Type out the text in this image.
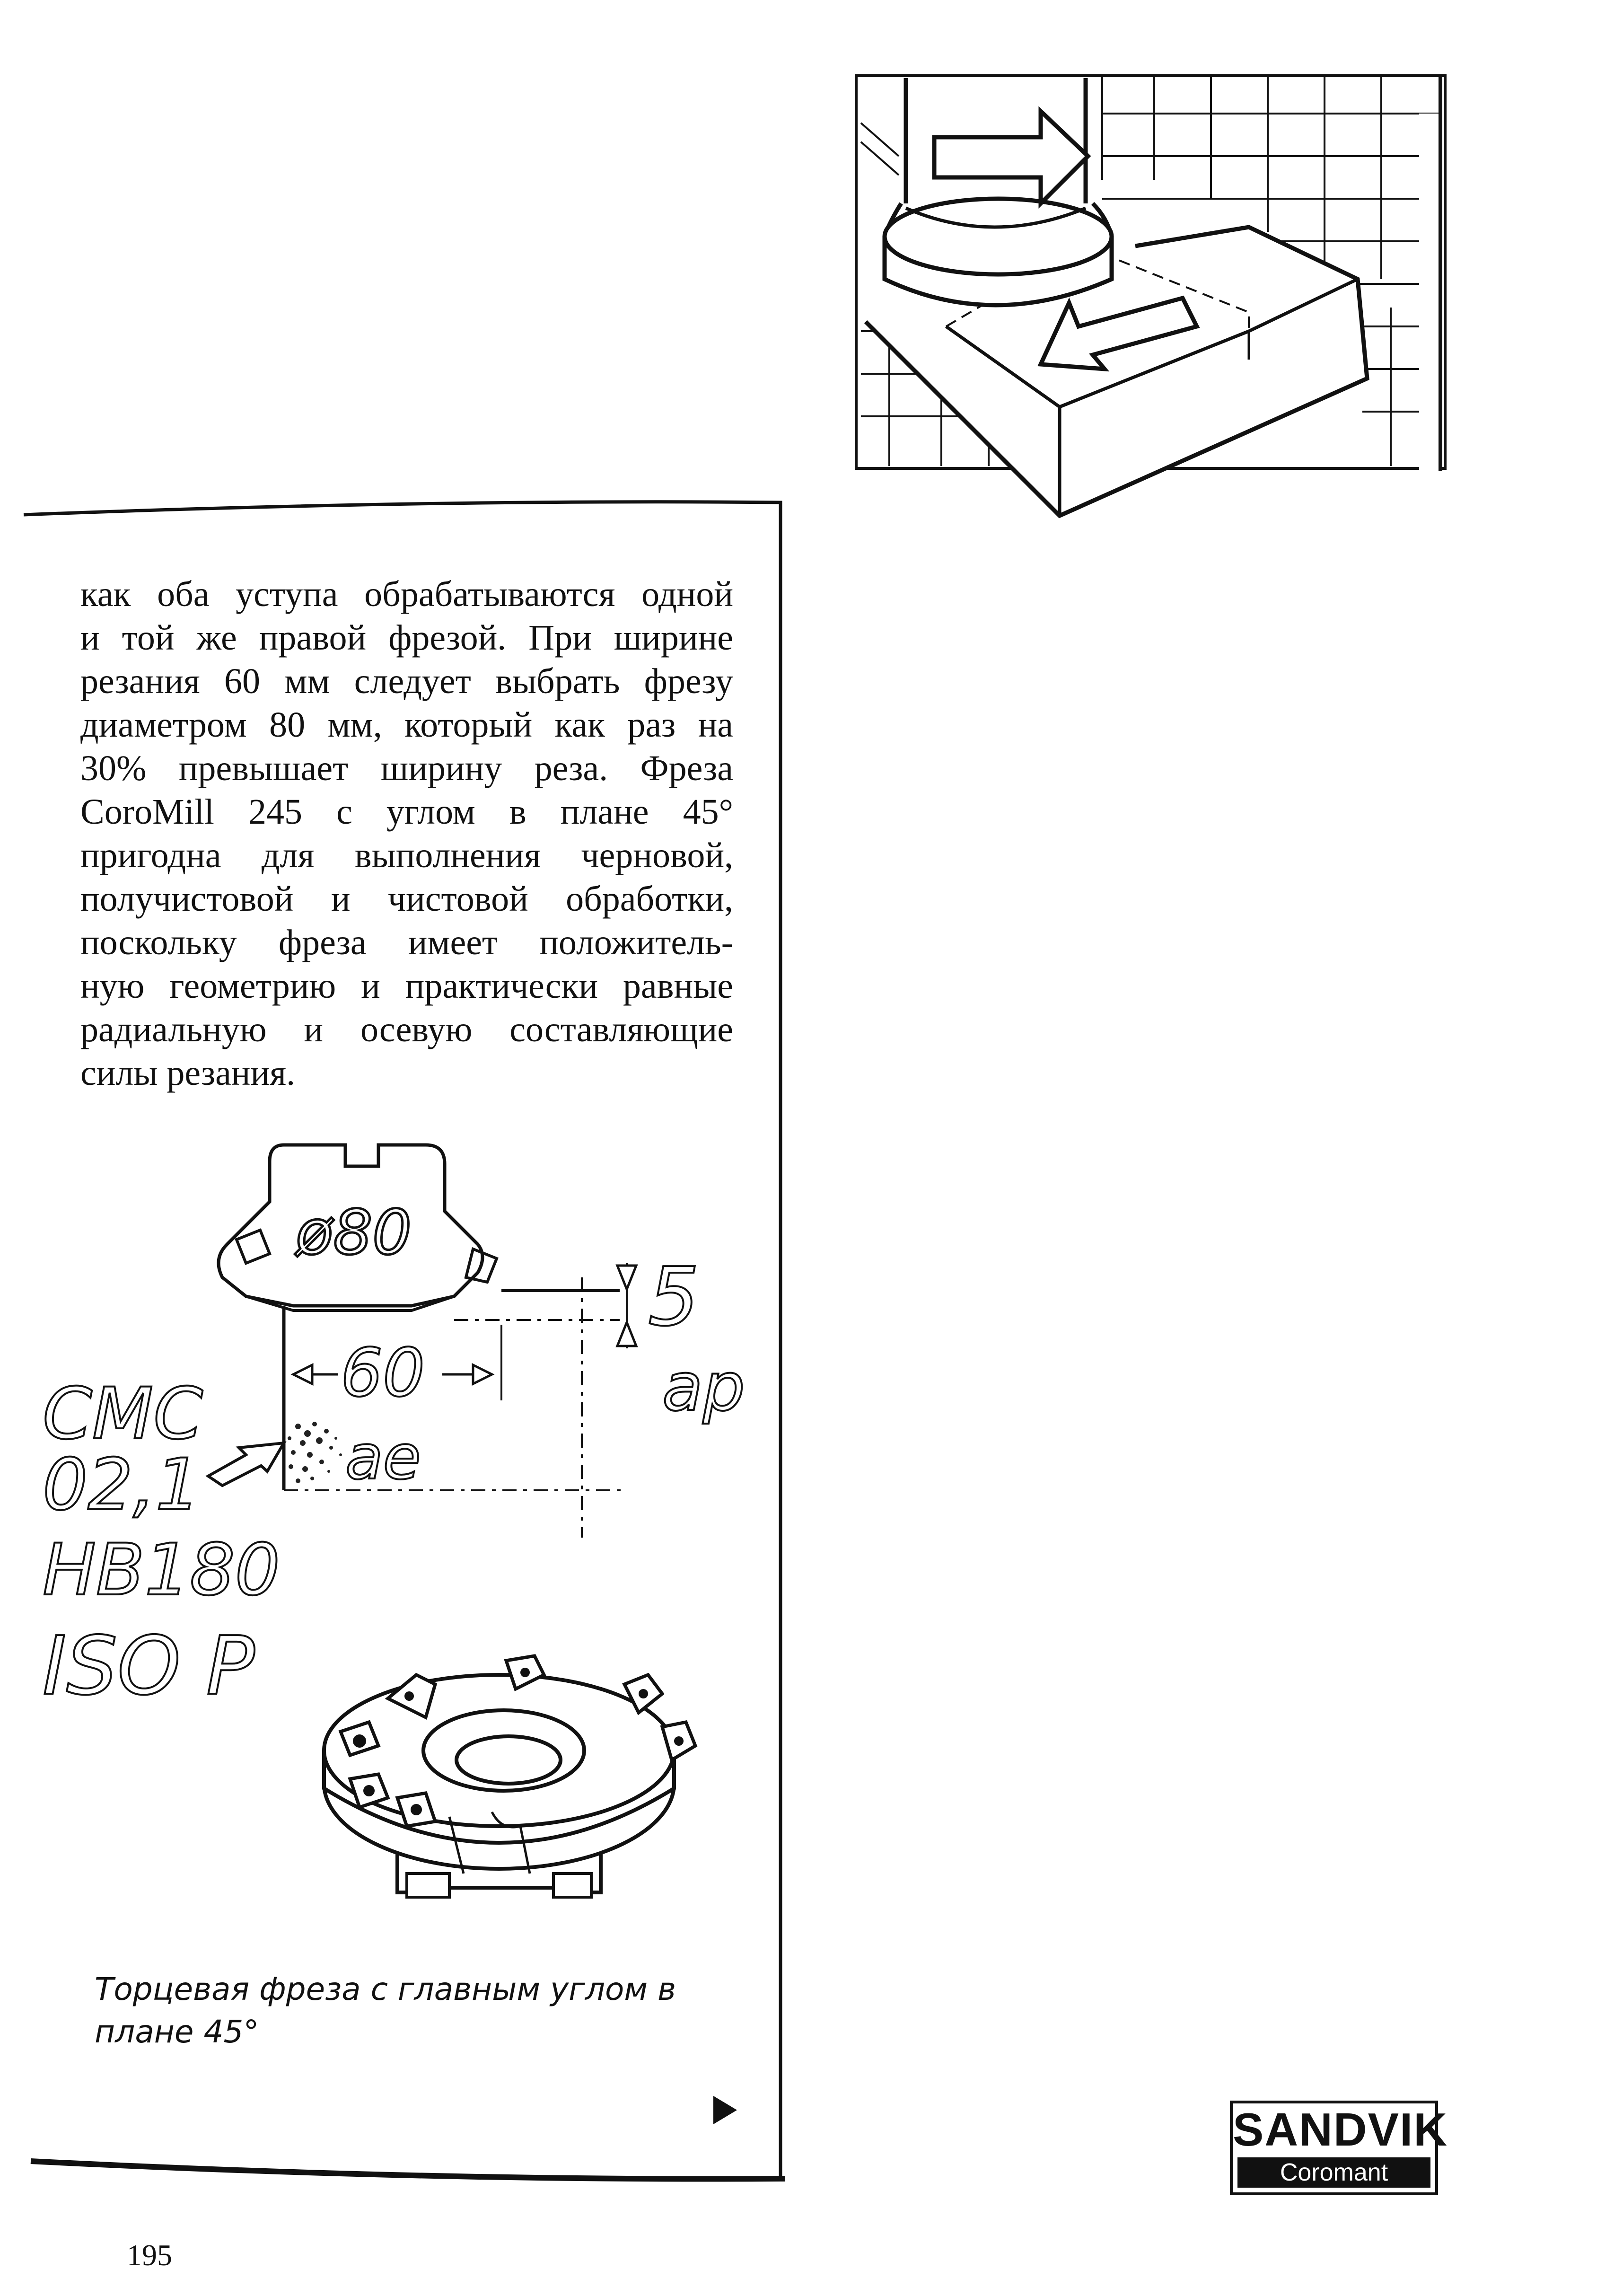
ø80
60
ae
5
ap
CMC
02,1
HB180
ISO P

как оба уступа обрабатываются одной
и той же правой фрезой. При ширине
резания 60 мм следует выбрать фрезу
диаметром 80 мм, который как раз на
30% превышает ширину реза. Фреза
CoroMill 245 с углом в плане 45°
пригодна для выполнения черновой,
получистовой и чистовой обработки,
поскольку фреза имеет положитель-
ную геометрию и практически равные
радиальную и осевую составляющие
силы резания.

Торцевая фреза с главным углом в
плане 45°

SANDVIK
Coromant
195
